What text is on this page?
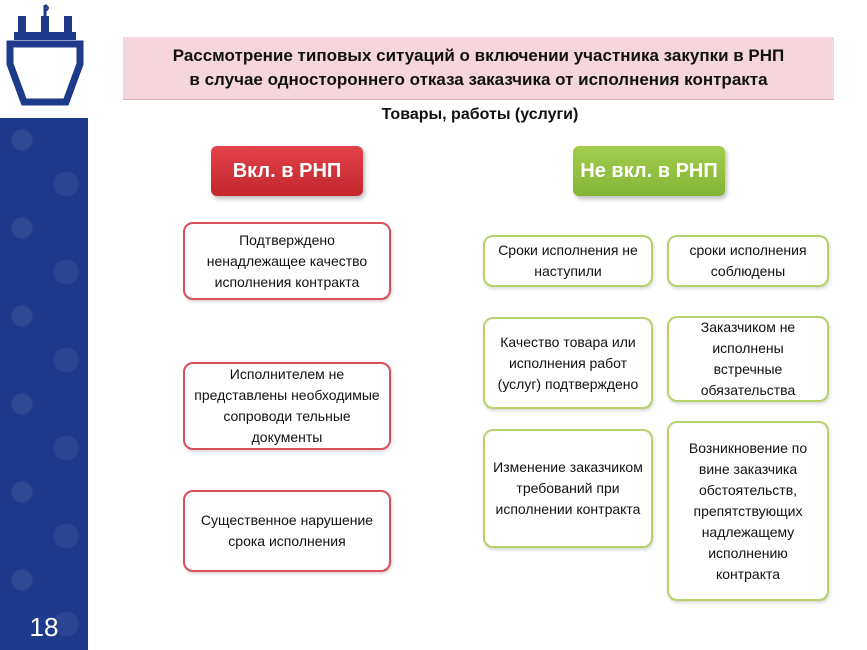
18
Рассмотрение типовых ситуаций о включении участника закупки в РНП
в случае одностороннего отказа заказчика от исполнения контракта
Товары, работы (услуги)
Вкл. в РНП	Не вкл. в РНП
Подтверждено ненадлежащее качество исполнения контракта
Исполнителем не представлены необходимые сопроводи тельные документы
Существенное нарушение срока исполнения
Сроки исполнения не наступили
сроки исполнения соблюдены
Качество товара или исполнения работ (услуг) подтверждено
Заказчиком не исполнены встречные обязательства
Изменение заказчиком требований при исполнении контракта
Возникновение по вине заказчика обстоятельств, препятствующих надлежащему исполнению контракта
